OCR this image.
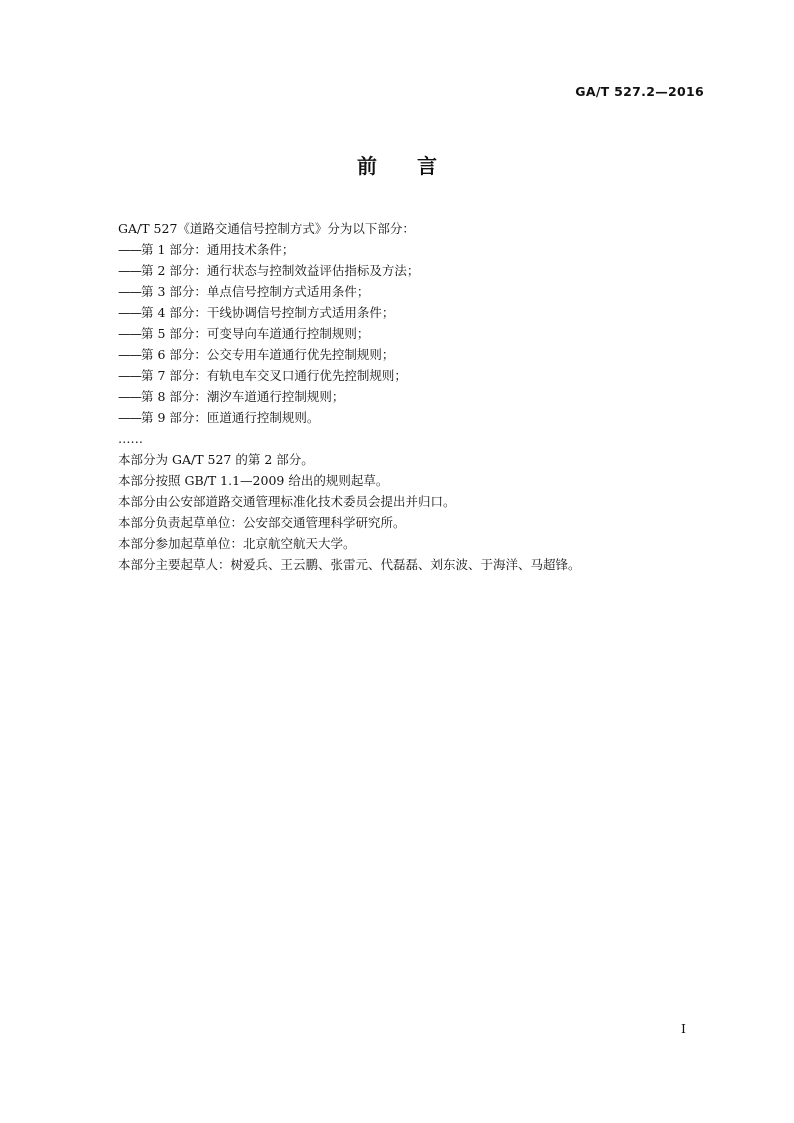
GA/T 527.2—2016
前言
GA/T 527《道路交通信号控制方式》分为以下部分：
——第 1 部分：通用技术条件；
——第 2 部分：通行状态与控制效益评估指标及方法；
——第 3 部分：单点信号控制方式适用条件；
——第 4 部分：干线协调信号控制方式适用条件；
——第 5 部分：可变导向车道通行控制规则；
——第 6 部分：公交专用车道通行优先控制规则；
——第 7 部分：有轨电车交叉口通行优先控制规则；
——第 8 部分：潮汐车道通行控制规则；
——第 9 部分：匝道通行控制规则。
……
本部分为 GA/T 527 的第 2 部分。
本部分按照 GB/T 1.1—2009 给出的规则起草。
本部分由公安部道路交通管理标准化技术委员会提出并归口。
本部分负责起草单位：公安部交通管理科学研究所。
本部分参加起草单位：北京航空航天大学。
本部分主要起草人：树爱兵、王云鹏、张雷元、代磊磊、刘东波、于海洋、马超锋。
I
